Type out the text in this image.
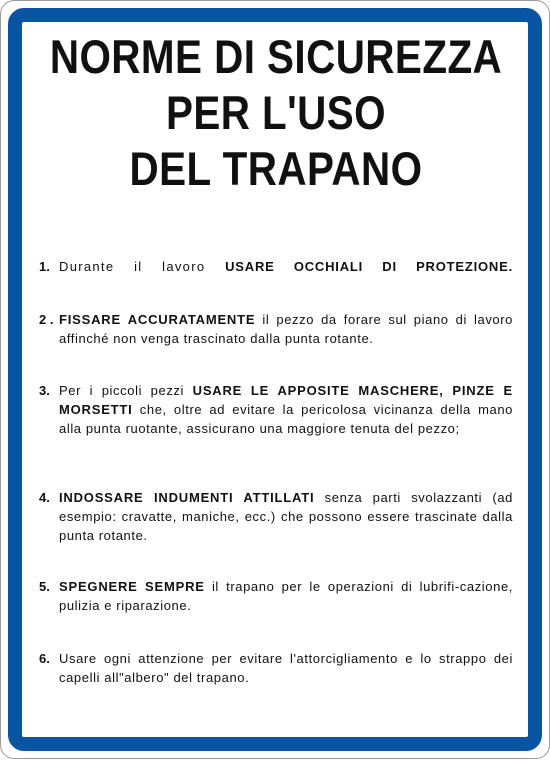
NORME DI SICUREZZA
PER L'USO
DEL TRAPANO
1. Durante il lavoro USARE OCCHIALI DI PROTEZIONE.
2 . FISSARE ACCURATAMENTE il pezzo da forare sul piano di lavoro affinché non venga trascinato dalla punta rotante.
3. Per i piccoli pezzi USARE LE APPOSITE MASCHERE, PINZE E MORSETTI che, oltre ad evitare la pericolosa vicinanza della mano alla punta ruotante, assicurano una maggiore tenuta del pezzo;
4. INDOSSARE INDUMENTI ATTILLATI senza parti svolazzanti (ad esempio: cravatte, maniche, ecc.) che possono essere trascinate dalla punta rotante.
5. SPEGNERE SEMPRE il trapano per le operazioni di lubrifi-cazione, pulizia e riparazione.
6. Usare ogni attenzione per evitare l'attorcigliamento e lo strappo dei capelli all"albero" del trapano.
